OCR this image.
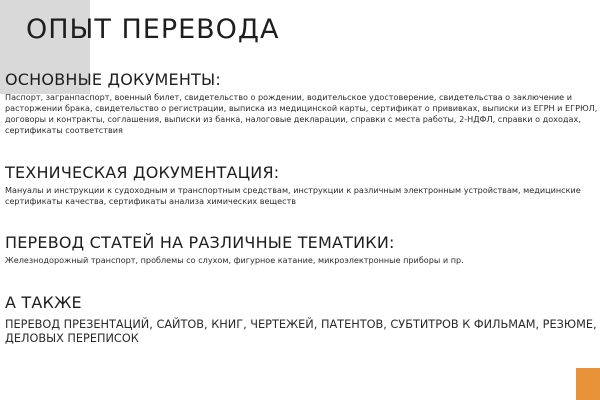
ОПЫТ ПЕРЕВОДА
ОСНОВНЫЕ ДОКУМЕНТЫ:

Паспорт, загранпаспорт, военный билет, свидетельство о рождении, водительское удостоверение, свидетельства о заключение и расторжении брака, свидетельство о регистрации, выписка из медицинской карты, сертификат о прививках, выписки из ЕГРН и ЕГРЮЛ, договоры и контракты, соглашения, выписки из банка, налоговые декларации, справки с места работы, 2-НДФЛ, справки о доходах, сертификаты соответствия

ТЕХНИЧЕСКАЯ ДОКУМЕНТАЦИЯ:

Мануалы и инструкции к судоходным и транспортным средствам, инструкции к различным электронным устройствам, медицинские сертификаты качества, сертификаты анализа химических веществ

ПЕРЕВОД СТАТЕЙ НА РАЗЛИЧНЫЕ ТЕМАТИКИ:

Железнодорожный транспорт, проблемы со слухом, фигурное катание, микроэлектронные приборы и пр.

А ТАКЖЕ

ПЕРЕВОД ПРЕЗЕНТАЦИЙ, САЙТОВ, КНИГ, ЧЕРТЕЖЕЙ, ПАТЕНТОВ, СУБТИТРОВ К ФИЛЬМАМ, РЕЗЮМЕ, ДЕЛОВЫХ ПЕРЕПИСОК
